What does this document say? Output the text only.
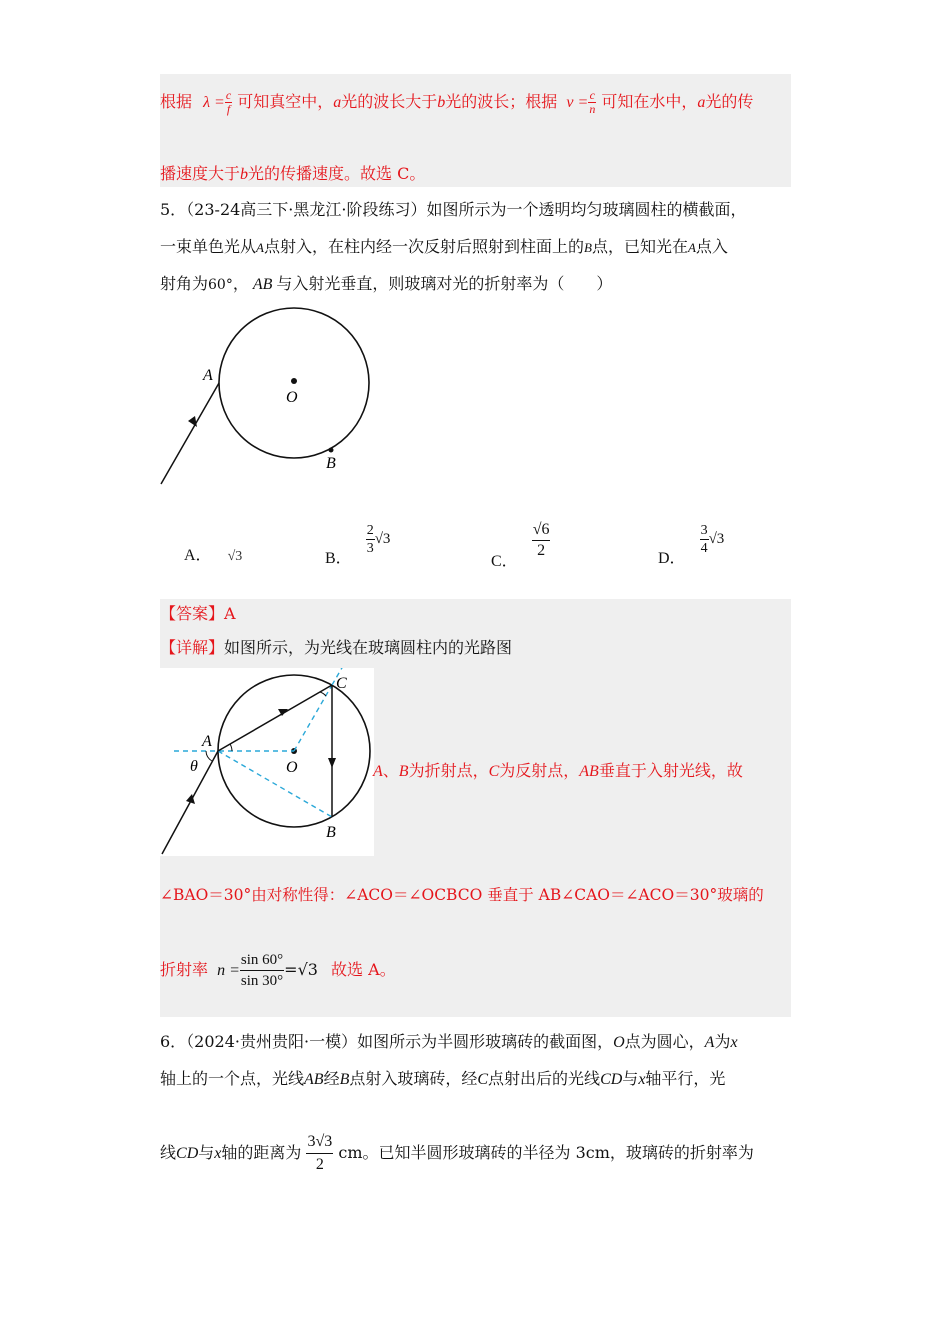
根据 $\lambda = \frac{c}{f}$ 可知真空中，a光的波长大于b光的波长；根据 $v = \frac{c}{n}$ 可知在水中，a光的传
播速度大于b光的传播速度。故选 C。
5．（23-24高三下·黑龙江·阶段练习）如图所示为一个透明均匀玻璃圆柱的横截面，
一束单色光从A点射入，在柱内经一次反射后照射到柱面上的B点，已知光在A点入
射角为60°， AB 与入射光垂直，则玻璃对光的折射率为（　　）
A
O
B
A． √3	B．
$\frac{2}{3} √3$
C．
$\frac{√6}{2}$	D．
$\frac{3}{4} √3$
【答案】A
【详解】如图所示，为光线在玻璃圆柱内的光路图
A
C
O
B
θ	A、B为折射点，C为反射点，AB垂直于入射光线，故
∠BAO＝30°由对称性得：∠ACO＝∠OCBCO 垂直于 AB∠CAO＝∠ACO＝30°玻璃的
折射率 $n = \frac{\sin 60^\circ}{\sin 30^\circ} =√3$ 故选 A。
6．（2024·贵州贵阳·一模）如图所示为半圆形玻璃砖的截面图，O点为圆心，A为x
轴上的一个点，光线AB经B点射入玻璃砖，经C点射出后的光线CD与x轴平行，光
线CD与x轴的距离为 $\frac{3√3}{2}$ cm。已知半圆形玻璃砖的半径为 3cm，玻璃砖的折射率为
